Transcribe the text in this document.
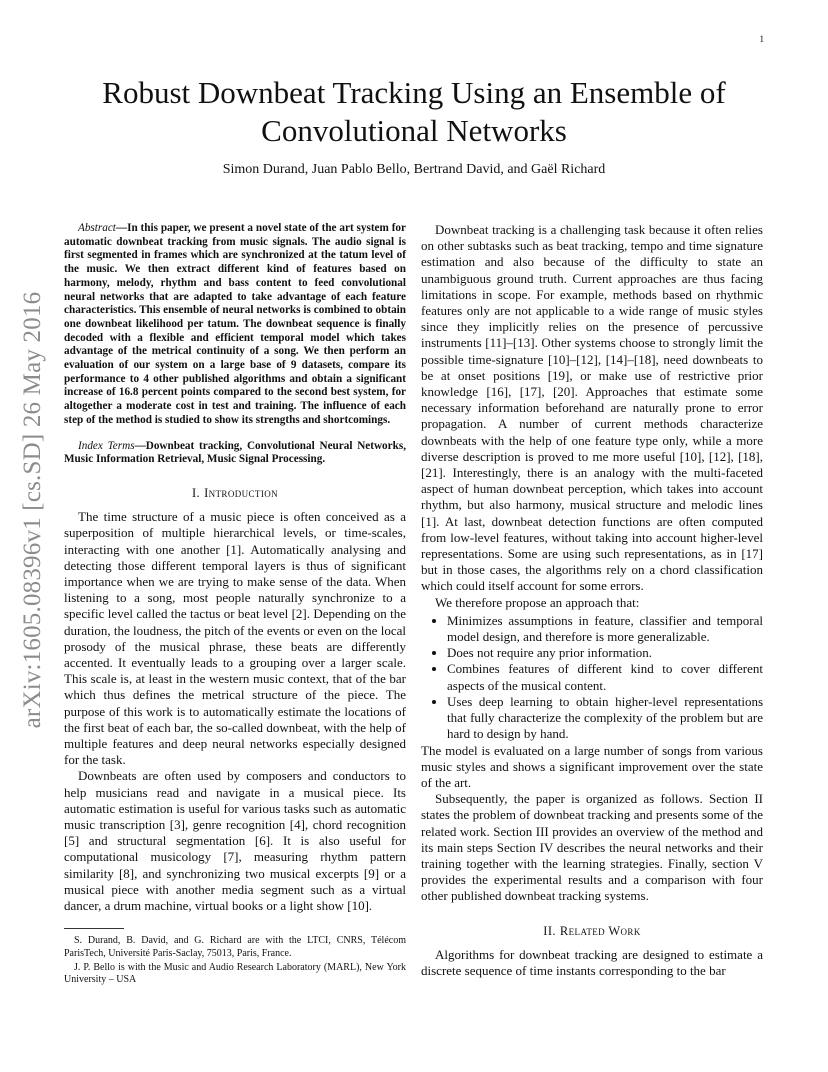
1
arXiv:1605.08396v1 [cs.SD] 26 May 2016
Robust Downbeat Tracking Using an Ensemble of Convolutional Networks
Simon Durand, Juan Pablo Bello, Bertrand David, and Gaël Richard

Abstract—In this paper, we present a novel state of the art system for automatic downbeat tracking from music signals. The audio signal is first segmented in frames which are synchronized at the tatum level of the music. We then extract different kind of features based on harmony, melody, rhythm and bass content to feed convolutional neural networks that are adapted to take advantage of each feature characteristics. This ensemble of neural networks is combined to obtain one downbeat likelihood per tatum. The downbeat sequence is finally decoded with a flexible and efficient temporal model which takes advantage of the metrical continuity of a song. We then perform an evaluation of our system on a large base of 9 datasets, compare its performance to 4 other published algorithms and obtain a significant increase of 16.8 percent points compared to the second best system, for altogether a moderate cost in test and training. The influence of each step of the method is studied to show its strengths and shortcomings.

Index Terms—Downbeat tracking, Convolutional Neural Networks, Music Information Retrieval, Music Signal Processing.

I. Introduction

The time structure of a music piece is often conceived as a superposition of multiple hierarchical levels, or time-scales, interacting with one another [1]. Automatically analysing and detecting those different temporal layers is thus of significant importance when we are trying to make sense of the data. When listening to a song, most people naturally synchronize to a specific level called the tactus or beat level [2]. Depending on the duration, the loudness, the pitch of the events or even on the local prosody of the musical phrase, these beats are differently accented. It eventually leads to a grouping over a larger scale. This scale is, at least in the western music context, that of the bar which thus defines the metrical structure of the piece. The purpose of this work is to automatically estimate the locations of the first beat of each bar, the so-called downbeat, with the help of multiple features and deep neural networks especially designed for the task.

Downbeats are often used by composers and conductors to help musicians read and navigate in a musical piece. Its automatic estimation is useful for various tasks such as automatic music transcription [3], genre recognition [4], chord recognition [5] and structural segmentation [6]. It is also useful for computational musicology [7], measuring rhythm pattern similarity [8], and synchronizing two musical excerpts [9] or a musical piece with another media segment such as a virtual dancer, a drum machine, virtual books or a light show [10].

S. Durand, B. David, and G. Richard are with the LTCI, CNRS, Télécom ParisTech, Université Paris-Saclay, 75013, Paris, France.

J. P. Bello is with the Music and Audio Research Laboratory (MARL), New York University – USA

Downbeat tracking is a challenging task because it often relies on other subtasks such as beat tracking, tempo and time signature estimation and also because of the difficulty to state an unambiguous ground truth. Current approaches are thus facing limitations in scope. For example, methods based on rhythmic features only are not applicable to a wide range of music styles since they implicitly relies on the presence of percussive instruments [11]–[13]. Other systems choose to strongly limit the possible time-signature [10]–[12], [14]–[18], need downbeats to be at onset positions [19], or make use of restrictive prior knowledge [16], [17], [20]. Approaches that estimate some necessary information beforehand are naturally prone to error propagation. A number of current methods characterize downbeats with the help of one feature type only, while a more diverse description is proved to me more useful [10], [12], [18], [21]. Interestingly, there is an analogy with the multi-faceted aspect of human downbeat perception, which takes into account rhythm, but also harmony, musical structure and melodic lines [1]. At last, downbeat detection functions are often computed from low-level features, without taking into account higher-level representations. Some are using such representations, as in [17] but in those cases, the algorithms rely on a chord classification which could itself account for some errors.

We therefore propose an approach that:

• Minimizes assumptions in feature, classifier and temporal model design, and therefore is more generalizable.
• Does not require any prior information.
• Combines features of different kind to cover different aspects of the musical content.
• Uses deep learning to obtain higher-level representations that fully characterize the complexity of the problem but are hard to design by hand.

The model is evaluated on a large number of songs from various music styles and shows a significant improvement over the state of the art.

Subsequently, the paper is organized as follows. Section II states the problem of downbeat tracking and presents some of the related work. Section III provides an overview of the method and its main steps Section IV describes the neural networks and their training together with the learning strategies. Finally, section V provides the experimental results and a comparison with four other published downbeat tracking systems.

II. Related Work

Algorithms for downbeat tracking are designed to estimate a discrete sequence of time instants corresponding to the bar
